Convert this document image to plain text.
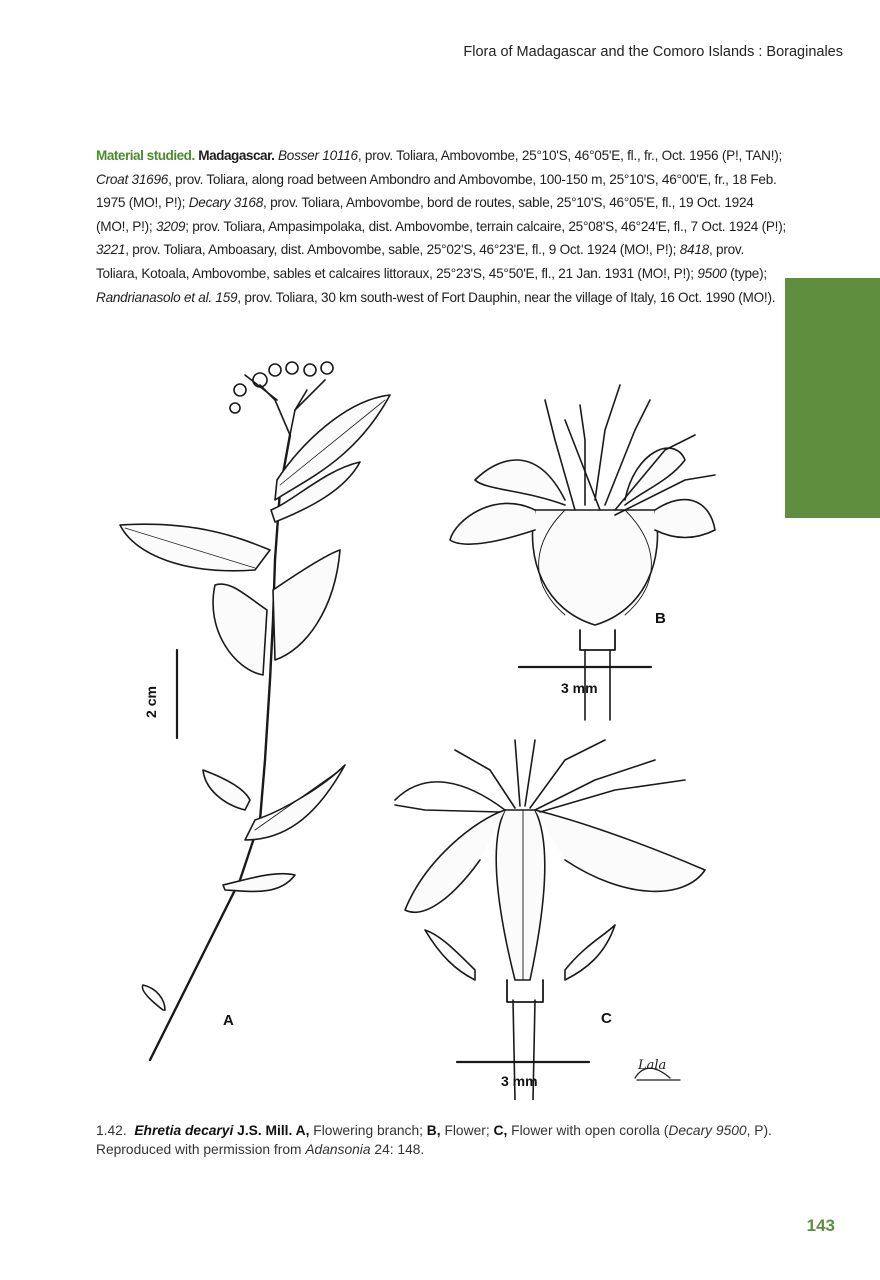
Flora of Madagascar and the Comoro Islands : Boraginales
Material studied. Madagascar. Bosser 10116, prov. Toliara, Ambovombe, 25°10'S, 46°05'E, fl., fr., Oct. 1956 (P!, TAN!); Croat 31696, prov. Toliara, along road between Ambondro and Ambovombe, 100-150 m, 25°10'S, 46°00'E, fr., 18 Feb. 1975 (MO!, P!); Decary 3168, prov. Toliara, Ambovombe, bord de routes, sable, 25°10'S, 46°05'E, fl., 19 Oct. 1924 (MO!, P!); 3209; prov. Toliara, Ampasimpolaka, dist. Ambovombe, terrain calcaire, 25°08'S, 46°24'E, fl., 7 Oct. 1924 (P!); 3221, prov. Toliara, Amboasary, dist. Ambovombe, sable, 25°02'S, 46°23'E, fl., 9 Oct. 1924 (MO!, P!); 8418, prov. Toliara, Kotoala, Ambovombe, sables et calcaires littoraux, 25°23'S, 45°50'E, fl., 21 Jan. 1931 (MO!, P!); 9500 (type); Randrianasolo et al. 159, prov. Toliara, 30 km south-west of Fort Dauphin, near the village of Italy, 16 Oct. 1990 (MO!).
A
B
C
2 cm	3 mm
3 mm
Lala
1.42. Ehretia decaryi J.S. Mill. A, Flowering branch; B, Flower; C, Flower with open corolla (Decary 9500, P).
Reproduced with permission from Adansonia 24: 148.
143
